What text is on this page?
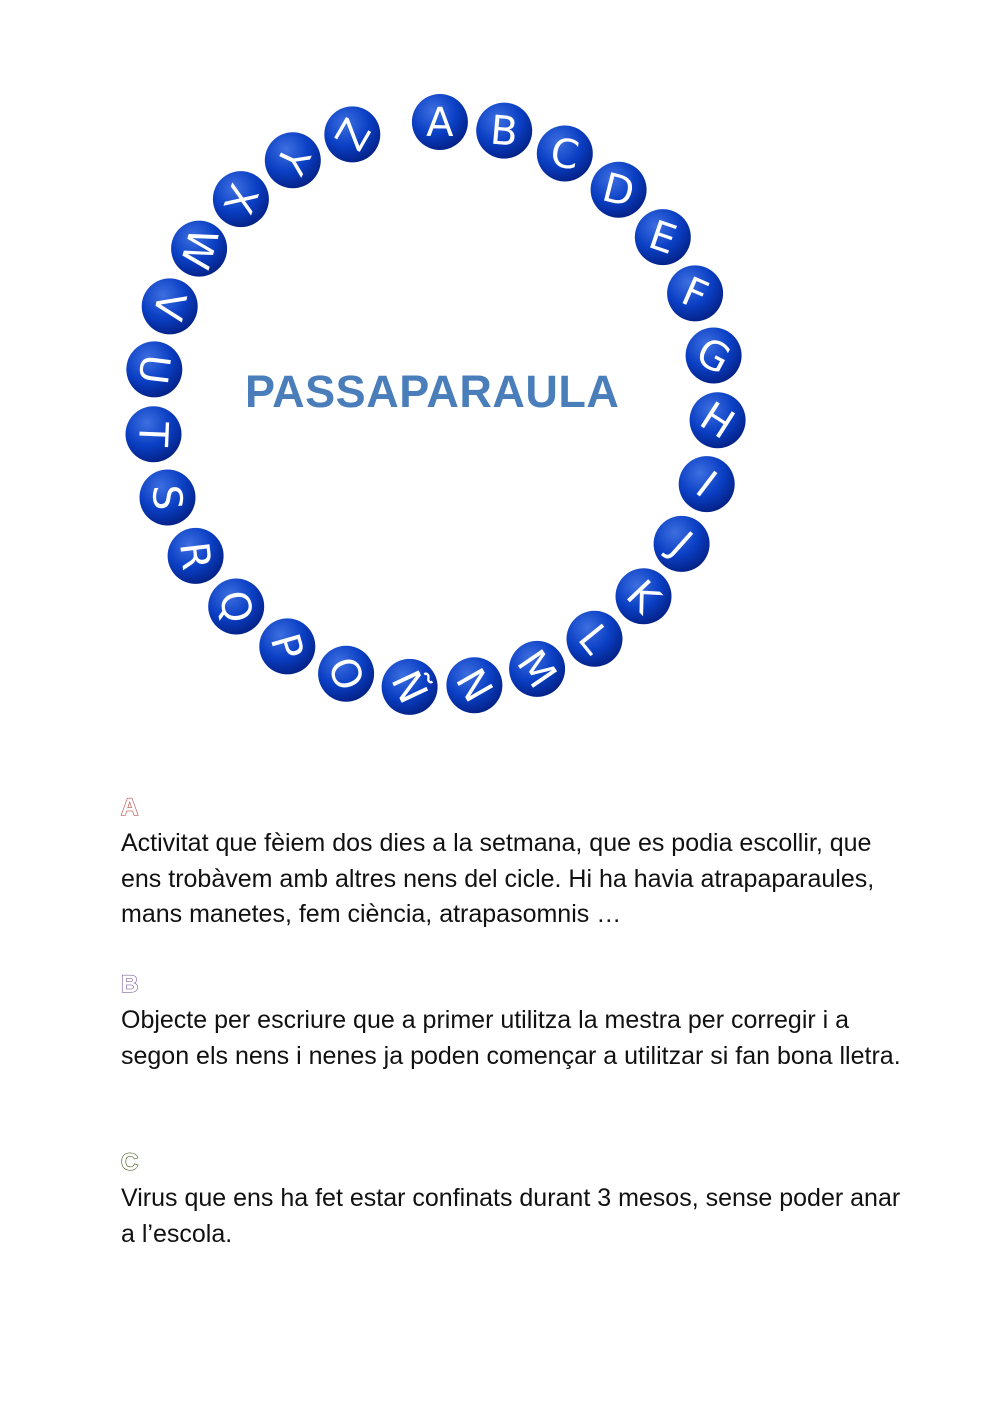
A B C
D
E
F
G
H
I
J
K
L
M
N
Ñ
O
P
Q
R
S
T
U
V
W
X
Y
Z
PASSAPARAULA
A
Activitat que fèiem dos dies a la setmana, que es podia escollir, que ens trobàvem amb altres nens del cicle. Hi ha havia atrapaparaules, mans manetes, fem ciència, atrapasomnis …
B
Objecte per escriure que a primer utilitza la mestra per corregir i a segon els nens i nenes ja poden començar a utilitzar si fan bona lletra.
C
Virus que ens ha fet estar confinats durant 3 mesos, sense poder anar a l’escola.
